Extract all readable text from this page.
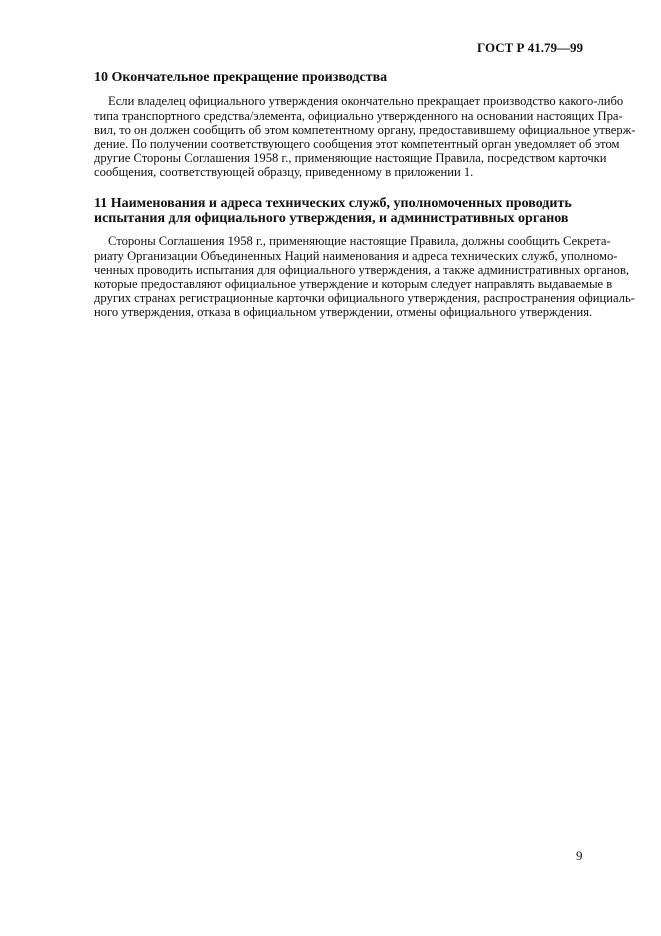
ГОСТ Р 41.79—99
10 Окончательное прекращение производства
Если владелец официального утверждения окончательно прекращает производство какого-либо
типа транспортного средства/элемента, официально утвержденного на основании настоящих Пра-
вил, то он должен сообщить об этом компетентному органу, предоставившему официальное утверж-
дение. По получении соответствующего сообщения этот компетентный орган уведомляет об этом
другие Стороны Соглашения 1958 г., применяющие настоящие Правила, посредством карточки
сообщения, соответствующей образцу, приведенному в приложении 1.
11 Наименования и адреса технических служб, уполномоченных проводить
испытания для официального утверждения, и административных органов
Стороны Соглашения 1958 г., применяющие настоящие Правила, должны сообщить Секрета-
риату Организации Объединенных Наций наименования и адреса технических служб, уполномо-
ченных проводить испытания для официального утверждения, а также административных органов,
которые предоставляют официальное утверждение и которым следует направлять выдаваемые в
других странах регистрационные карточки официального утверждения, распространения официаль-
ного утверждения, отказа в официальном утверждении, отмены официального утверждения.
9
